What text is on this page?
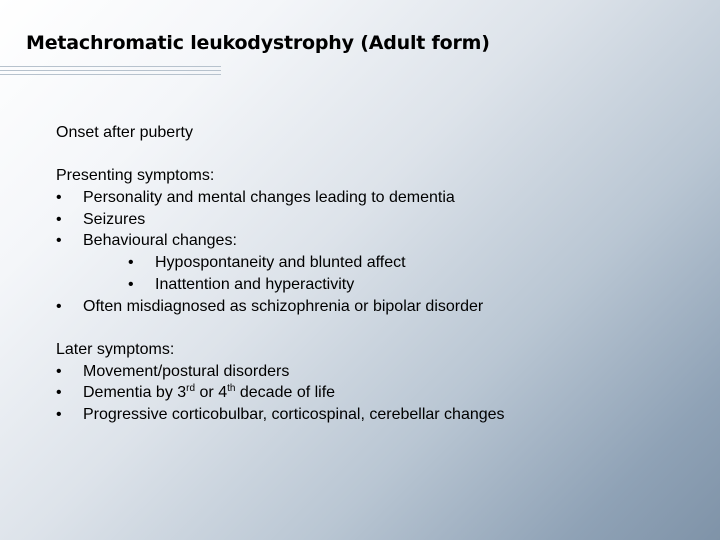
Metachromatic leukodystrophy (Adult form)
Onset after puberty
Presenting symptoms:
• Personality and mental changes leading to dementia
• Seizures
• Behavioural changes:
• Hypospontaneity and blunted affect
• Inattention and hyperactivity
• Often misdiagnosed as schizophrenia or bipolar disorder
Later symptoms:
• Movement/postural disorders
• Dementia by 3rd or 4th decade of life
• Progressive corticobulbar, corticospinal, cerebellar changes
